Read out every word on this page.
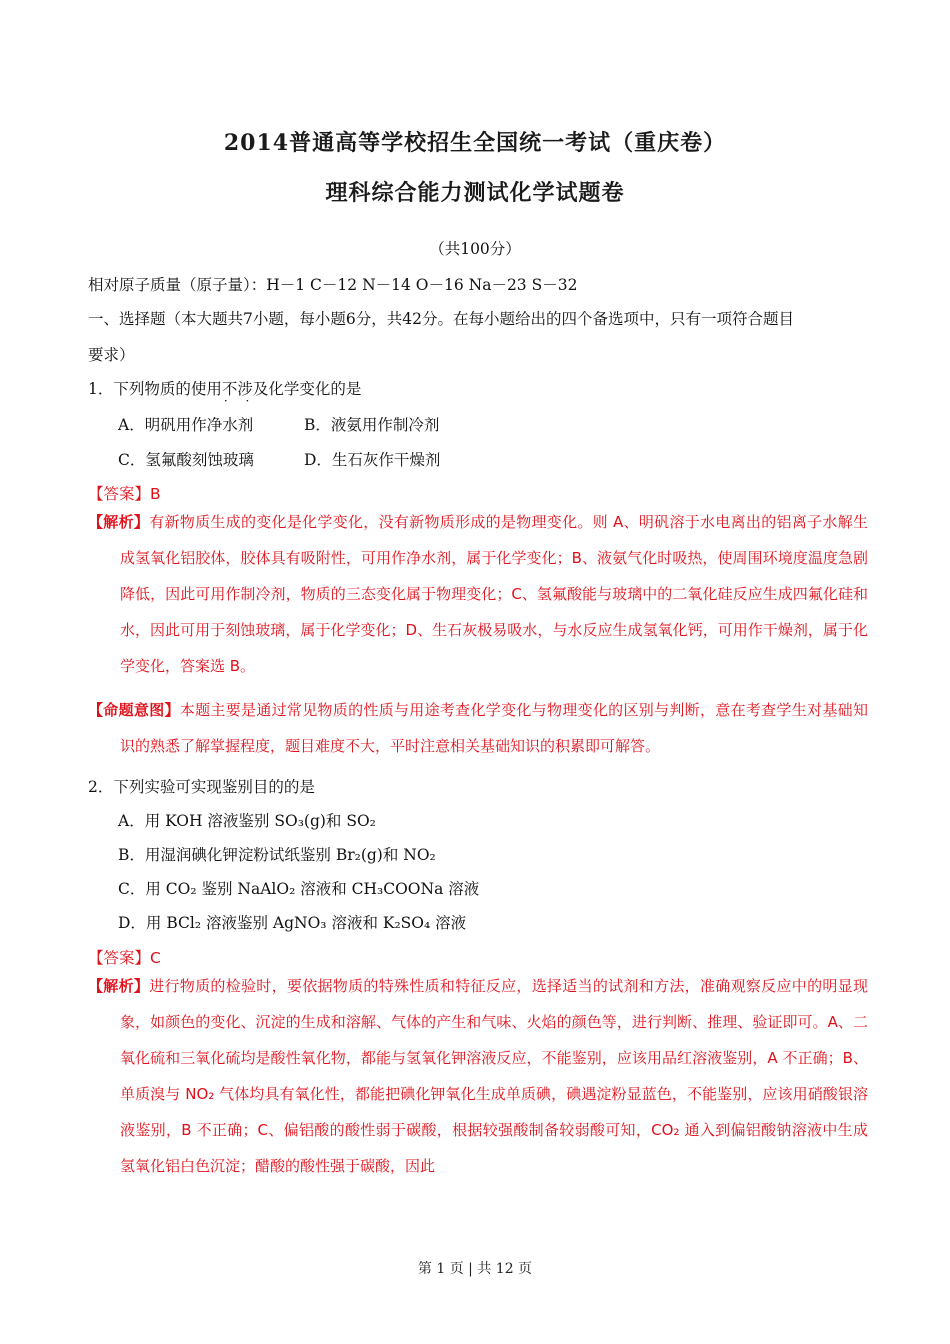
2014普通高等学校招生全国统一考试（重庆卷）
理科综合能力测试化学试题卷
（共100分）
相对原子质量（原子量）：H－1 C－12 N－14 O－16 Na－23 S－32
一、选择题（本大题共7小题，每小题6分，共42分。在每小题给出的四个备选项中，只有一项符合题目
要求）
1．下列物质的使用不涉及 · ·化学变化的是
A．明矾用作净水剂	B．液氨用作制冷剂
C．氢氟酸刻蚀玻璃	D．生石灰作干燥剂
【答案】B

【解析】有新物质生成的变化是化学变化，没有新物质形成的是物理变化。则 A、明矾溶于水电离出的铝离子水解生成氢氧化铝胶体，胶体具有吸附性，可用作净水剂，属于化学变化；B、液氨气化时吸热，使周围环境度温度急剧降低，因此可用作制冷剂，物质的三态变化属于物理变化；C、氢氟酸能与玻璃中的二氧化硅反应生成四氟化硅和水，因此可用于刻蚀玻璃，属于化学变化；D、生石灰极易吸水，与水反应生成氢氧化钙，可用作干燥剂，属于化学变化，答案选 B。

【命题意图】本题主要是通过常见物质的性质与用途考查化学变化与物理变化的区别与判断，意在考查学生对基础知识的熟悉了解掌握程度，题目难度不大，平时注意相关基础知识的积累即可解答。

2．下列实验可实现鉴别目的的是
A．用 KOH 溶液鉴别 SO₃(g)和 SO₂
B．用湿润碘化钾淀粉试纸鉴别 Br₂(g)和 NO₂
C．用 CO₂ 鉴别 NaAlO₂ 溶液和 CH₃COONa 溶液
D．用 BCl₂ 溶液鉴别 AgNO₃ 溶液和 K₂SO₄ 溶液
【答案】C

【解析】进行物质的检验时，要依据物质的特殊性质和特征反应，选择适当的试剂和方法，准确观察反应中的明显现象，如颜色的变化、沉淀的生成和溶解、气体的产生和气味、火焰的颜色等，进行判断、推理、验证即可。A、二氧化硫和三氧化硫均是酸性氧化物，都能与氢氧化钾溶液反应，不能鉴别，应该用品红溶液鉴别，A 不正确；B、单质溴与 NO₂ 气体均具有氧化性，都能把碘化钾氧化生成单质碘，碘遇淀粉显蓝色，不能鉴别，应该用硝酸银溶液鉴别，B 不正确；C、偏铝酸的酸性弱于碳酸，根据较强酸制备较弱酸可知，CO₂ 通入到偏铝酸钠溶液中生成氢氧化铝白色沉淀；醋酸的酸性强于碳酸，因此

第 1 页 | 共 12 页
